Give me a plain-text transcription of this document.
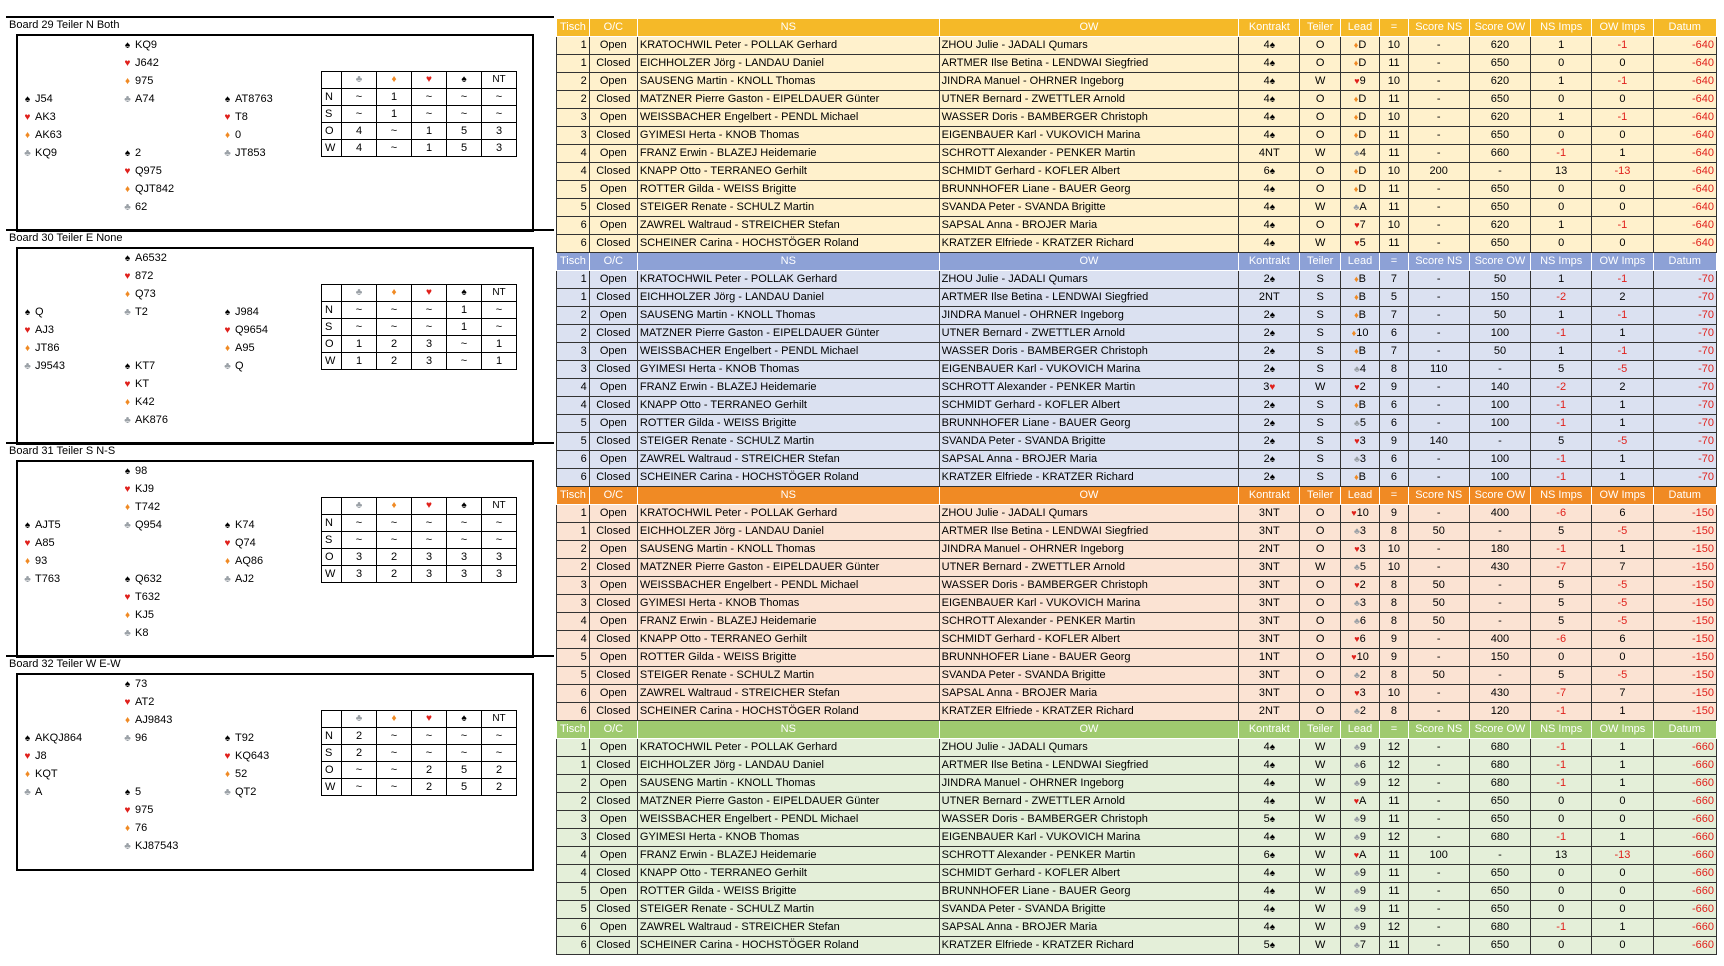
Board 29 Teiler N Both
♠ KQ9
♥ J642
♦ 975
♣ A74
♠ J54
♥ AK3
♦ AK63
♣ KQ9
♠ AT8763
♥ T8
♦ 0
♣ JT853
♠ 2
♥ Q975
♦ QJT842
♣ 62
	♣	♦	♥	♠	NT
N	~	1	~	~	~
S	~	1	~	~	~
O	4	~	1	5	3
W	4	~	1	5	3
Board 30 Teiler E None
♠ A6532
♥ 872
♦ Q73
♣ T2
♠ Q
♥ AJ3
♦ JT86
♣ J9543
♠ J984
♥ Q9654
♦ A95
♣ Q
♠ KT7
♥ KT
♦ K42
♣ AK876
	♣	♦	♥	♠	NT
N	~	~	~	1	~
S	~	~	~	1	~
O	1	2	3	~	1
W	1	2	3	~	1
Board 31 Teiler S N-S
♠ 98
♥ KJ9
♦ T742
♣ Q954
♠ AJT5
♥ A85
♦ 93
♣ T763
♠ K74
♥ Q74
♦ AQ86
♣ AJ2
♠ Q632
♥ T632
♦ KJ5
♣ K8
	♣	♦	♥	♠	NT
N	~	~	~	~	~
S	~	~	~	~	~
O	3	2	3	3	3
W	3	2	3	3	3
Board 32 Teiler W E-W
♠ 73
♥ AT2
♦ AJ9843
♣ 96
♠ AKQJ864
♥ J8
♦ KQT
♣ A
♠ T92
♥ KQ643
♦ 52
♣ QT2
♠ 5
♥ 975
♦ 76
♣ KJ87543
	♣	♦	♥	♠	NT
N	2	~	~	~	~
S	2	~	~	~	~
O	~	~	2	5	2
W	~	~	2	5	2
Tisch	O/C	NS	OW	Kontrakt	Teiler	Lead	=	Score NS	Score OW	NS Imps	OW Imps	Datum
1	Open	KRATOCHWIL Peter - POLLAK Gerhard	ZHOU Julie - JADALI Qumars	4♠	O	♦D	10	-	620	1	-1	-640
1	Closed	EICHHOLZER Jörg - LANDAU Daniel	ARTMER Ilse Betina - LENDWAI Siegfried	4♠	O	♦D	11	-	650	0	0	-640
2	Open	SAUSENG Martin - KNOLL Thomas	JINDRA Manuel - OHRNER Ingeborg	4♠	W	♥9	10	-	620	1	-1	-640
2	Closed	MATZNER Pierre Gaston - EIPELDAUER Günter	UTNER Bernard - ZWETTLER Arnold	4♠	O	♦D	11	-	650	0	0	-640
3	Open	WEISSBACHER Engelbert - PENDL Michael	WASSER Doris - BAMBERGER Christoph	4♠	O	♦D	10	-	620	1	-1	-640
3	Closed	GYIMESI Herta - KNOB Thomas	EIGENBAUER Karl - VUKOVICH Marina	4♠	O	♦D	11	-	650	0	0	-640
4	Open	FRANZ Erwin - BLAZEJ Heidemarie	SCHROTT Alexander - PENKER Martin	4NT	W	♣4	11	-	660	-1	1	-640
4	Closed	KNAPP Otto - TERRANEO Gerhilt	SCHMIDT Gerhard - KOFLER Albert	6♠	O	♦D	10	200	-	13	-13	-640
5	Open	ROTTER Gilda - WEISS Brigitte	BRUNNHOFER Liane - BAUER Georg	4♠	O	♦D	11	-	650	0	0	-640
5	Closed	STEIGER Renate - SCHULZ Martin	SVANDA Peter - SVANDA Brigitte	4♠	W	♣A	11	-	650	0	0	-640
6	Open	ZAWREL Waltraud - STREICHER Stefan	SAPSAL Anna - BROJER Maria	4♠	O	♥7	10	-	620	1	-1	-640
6	Closed	SCHEINER Carina - HOCHSTÖGER Roland	KRATZER Elfriede - KRATZER Richard	4♠	W	♥5	11	-	650	0	0	-640
Tisch	O/C	NS	OW	Kontrakt	Teiler	Lead	=	Score NS	Score OW	NS Imps	OW Imps	Datum
1	Open	KRATOCHWIL Peter - POLLAK Gerhard	ZHOU Julie - JADALI Qumars	2♠	S	♦B	7	-	50	1	-1	-70
1	Closed	EICHHOLZER Jörg - LANDAU Daniel	ARTMER Ilse Betina - LENDWAI Siegfried	2NT	S	♦B	5	-	150	-2	2	-70
2	Open	SAUSENG Martin - KNOLL Thomas	JINDRA Manuel - OHRNER Ingeborg	2♠	S	♦B	7	-	50	1	-1	-70
2	Closed	MATZNER Pierre Gaston - EIPELDAUER Günter	UTNER Bernard - ZWETTLER Arnold	2♠	S	♦10	6	-	100	-1	1	-70
3	Open	WEISSBACHER Engelbert - PENDL Michael	WASSER Doris - BAMBERGER Christoph	2♠	S	♦B	7	-	50	1	-1	-70
3	Closed	GYIMESI Herta - KNOB Thomas	EIGENBAUER Karl - VUKOVICH Marina	2♠	S	♣4	8	110	-	5	-5	-70
4	Open	FRANZ Erwin - BLAZEJ Heidemarie	SCHROTT Alexander - PENKER Martin	3♥	W	♥2	9	-	140	-2	2	-70
4	Closed	KNAPP Otto - TERRANEO Gerhilt	SCHMIDT Gerhard - KOFLER Albert	2♠	S	♦B	6	-	100	-1	1	-70
5	Open	ROTTER Gilda - WEISS Brigitte	BRUNNHOFER Liane - BAUER Georg	2♠	S	♣5	6	-	100	-1	1	-70
5	Closed	STEIGER Renate - SCHULZ Martin	SVANDA Peter - SVANDA Brigitte	2♠	S	♥3	9	140	-	5	-5	-70
6	Open	ZAWREL Waltraud - STREICHER Stefan	SAPSAL Anna - BROJER Maria	2♠	S	♣3	6	-	100	-1	1	-70
6	Closed	SCHEINER Carina - HOCHSTÖGER Roland	KRATZER Elfriede - KRATZER Richard	2♠	S	♦B	6	-	100	-1	1	-70
Tisch	O/C	NS	OW	Kontrakt	Teiler	Lead	=	Score NS	Score OW	NS Imps	OW Imps	Datum
1	Open	KRATOCHWIL Peter - POLLAK Gerhard	ZHOU Julie - JADALI Qumars	3NT	O	♥10	9	-	400	-6	6	-150
1	Closed	EICHHOLZER Jörg - LANDAU Daniel	ARTMER Ilse Betina - LENDWAI Siegfried	3NT	O	♣3	8	50	-	5	-5	-150
2	Open	SAUSENG Martin - KNOLL Thomas	JINDRA Manuel - OHRNER Ingeborg	2NT	O	♥3	10	-	180	-1	1	-150
2	Closed	MATZNER Pierre Gaston - EIPELDAUER Günter	UTNER Bernard - ZWETTLER Arnold	3NT	W	♣5	10	-	430	-7	7	-150
3	Open	WEISSBACHER Engelbert - PENDL Michael	WASSER Doris - BAMBERGER Christoph	3NT	O	♥2	8	50	-	5	-5	-150
3	Closed	GYIMESI Herta - KNOB Thomas	EIGENBAUER Karl - VUKOVICH Marina	3NT	O	♣3	8	50	-	5	-5	-150
4	Open	FRANZ Erwin - BLAZEJ Heidemarie	SCHROTT Alexander - PENKER Martin	3NT	O	♣6	8	50	-	5	-5	-150
4	Closed	KNAPP Otto - TERRANEO Gerhilt	SCHMIDT Gerhard - KOFLER Albert	3NT	O	♥6	9	-	400	-6	6	-150
5	Open	ROTTER Gilda - WEISS Brigitte	BRUNNHOFER Liane - BAUER Georg	1NT	O	♥10	9	-	150	0	0	-150
5	Closed	STEIGER Renate - SCHULZ Martin	SVANDA Peter - SVANDA Brigitte	3NT	O	♣2	8	50	-	5	-5	-150
6	Open	ZAWREL Waltraud - STREICHER Stefan	SAPSAL Anna - BROJER Maria	3NT	O	♥3	10	-	430	-7	7	-150
6	Closed	SCHEINER Carina - HOCHSTÖGER Roland	KRATZER Elfriede - KRATZER Richard	2NT	O	♣2	8	-	120	-1	1	-150
Tisch	O/C	NS	OW	Kontrakt	Teiler	Lead	=	Score NS	Score OW	NS Imps	OW Imps	Datum
1	Open	KRATOCHWIL Peter - POLLAK Gerhard	ZHOU Julie - JADALI Qumars	4♠	W	♣9	12	-	680	-1	1	-660
1	Closed	EICHHOLZER Jörg - LANDAU Daniel	ARTMER Ilse Betina - LENDWAI Siegfried	4♠	W	♣6	12	-	680	-1	1	-660
2	Open	SAUSENG Martin - KNOLL Thomas	JINDRA Manuel - OHRNER Ingeborg	4♠	W	♣9	12	-	680	-1	1	-660
2	Closed	MATZNER Pierre Gaston - EIPELDAUER Günter	UTNER Bernard - ZWETTLER Arnold	4♠	W	♥A	11	-	650	0	0	-660
3	Open	WEISSBACHER Engelbert - PENDL Michael	WASSER Doris - BAMBERGER Christoph	5♠	W	♣9	11	-	650	0	0	-660
3	Closed	GYIMESI Herta - KNOB Thomas	EIGENBAUER Karl - VUKOVICH Marina	4♠	W	♣9	12	-	680	-1	1	-660
4	Open	FRANZ Erwin - BLAZEJ Heidemarie	SCHROTT Alexander - PENKER Martin	6♠	W	♥A	11	100	-	13	-13	-660
4	Closed	KNAPP Otto - TERRANEO Gerhilt	SCHMIDT Gerhard - KOFLER Albert	4♠	W	♣9	11	-	650	0	0	-660
5	Open	ROTTER Gilda - WEISS Brigitte	BRUNNHOFER Liane - BAUER Georg	4♠	W	♣9	11	-	650	0	0	-660
5	Closed	STEIGER Renate - SCHULZ Martin	SVANDA Peter - SVANDA Brigitte	4♠	W	♣9	11	-	650	0	0	-660
6	Open	ZAWREL Waltraud - STREICHER Stefan	SAPSAL Anna - BROJER Maria	4♠	W	♣9	12	-	680	-1	1	-660
6	Closed	SCHEINER Carina - HOCHSTÖGER Roland	KRATZER Elfriede - KRATZER Richard	5♠	W	♣7	11	-	650	0	0	-660
